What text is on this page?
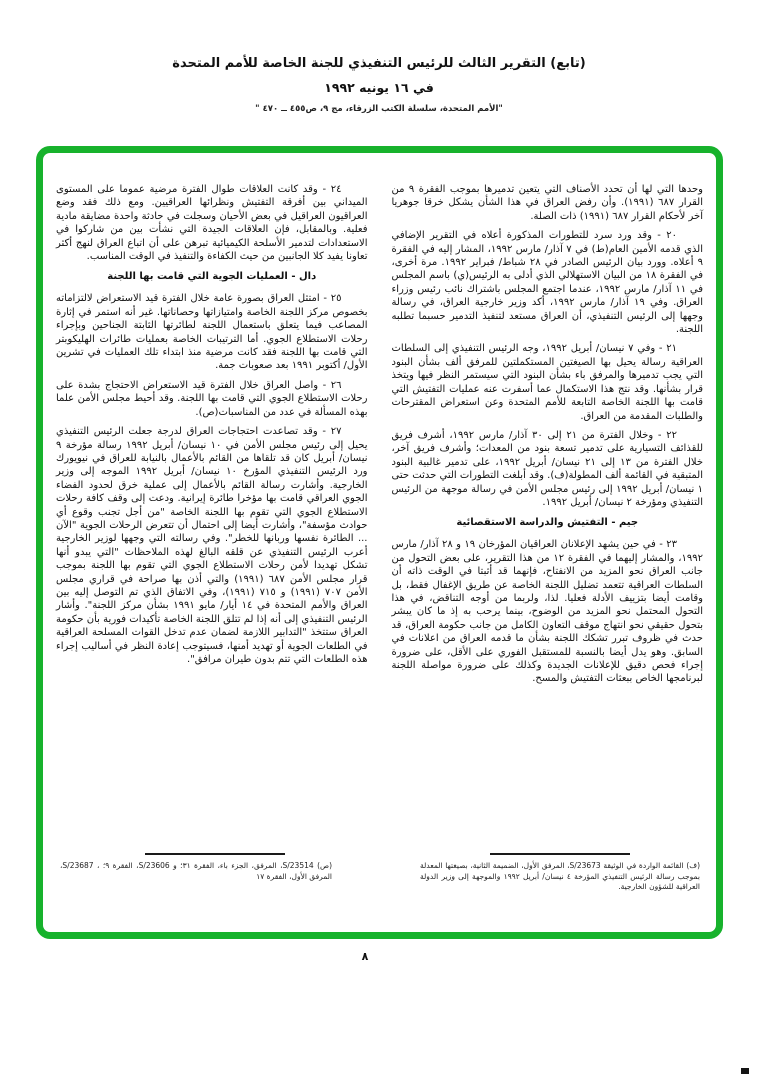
(تابع) التقرير الثالث للرئيس التنفيذي للجنة الخاصة للأمم المتحدة
في ١٦ يونيه ١٩٩٢
"الأمم المتحدة، سلسلة الكتب الزرقاء، مج ٩، ص٤٥٥ ــ ٤٧٠ "

وحدها التي لها أن تحدد الأصناف التي يتعين تدميرها بموجب الفقرة ٩ من القرار ٦٨٧ (١٩٩١). وأن رفض العراق في هذا الشأن يشكل خرقا جوهريا آخر لأحكام القرار ٦٨٧ (١٩٩١) ذات الصلة.

٢٠ - وقد ورد سرد للتطورات المذكورة أعلاه في التقرير الإضافي الذي قدمه الأمين العام(ط) في ٧ آذار/ مارس ١٩٩٢، المشار إليه في الفقرة ٩ أعلاه. وورد بيان الرئيس الصادر في ٢٨ شباط/ فبراير ١٩٩٢. مرة أخرى، في الفقرة ١٨ من البيان الاستهلالي الذي أدلى به الرئيس(ي) باسم المجلس في ١١ آذار/ مارس ١٩٩٢، عندما اجتمع المجلس باشتراك نائب رئيس وزراء العراق. وفي ١٩ آذار/ مارس ١٩٩٢، أكد وزير خارجية العراق، في رسالة وجهها إلى الرئيس التنفيذي، أن العراق مستعد لتنفيذ التدمير حسبما تطلبه اللجنة.

٢١ - وفي ٧ نيسان/ أبريل ١٩٩٢، وجه الرئيس التنفيذي إلى السلطات العراقية رسالة يحيل بها الصيغتين المستكملتين للمرفق ألف بشأن البنود التي يجب تدميرها والمرفق باء بشأن البنود التي سيستمر النظر فيها ويتخذ قرار بشأنها. وقد نتج هذا الاستكمال عما أسفرت عنه عمليات التفتيش التي قامت بها اللجنة الخاصة التابعة للأمم المتحدة وعن استعراض المقترحات والطلبات المقدمة من العراق.

٢٢ - وخلال الفترة من ٢١ إلى ٣٠ آذار/ مارس ١٩٩٢، أشرف فريق للقذائف التسيارية على تدمير تسعة بنود من المعدات؛ وأشرف فريق آخر، خلال الفترة من ١٣ إلى ٢١ نيسان/ أبريل ١٩٩٢، على تدمير غالبية البنود المتبقية في القائمة ألف المطولة(ف). وقد أبلغت التطورات التي حدثت حتى ١ نيسان/ أبريل ١٩٩٢ إلى رئيس مجلس الأمن في رسالة موجهة من الرئيس التنفيذي ومؤرخة ٢ نيسان/ أبريل ١٩٩٢.

جيم - التفتيش والدراسة الاستقصائية

٢٣ - في حين يشهد الإعلانان العراقيان المؤرخان ١٩ و ٢٨ آذار/ مارس ١٩٩٢، والمشار إليهما في الفقرة ١٢ من هذا التقرير، على بعض التحول من جانب العراق نحو المزيد من الانفتاح، فإنهما قد أثبتا في الوقت ذاته أن السلطات العراقية تتعمد تضليل اللجنة الخاصة عن طريق الإغفال فقط، بل وقامت أيضا بتزييف الأدلة فعليا. لذا، ولربما من أوجه التناقض، في هذا التحول المحتمل نحو المزيد من الوضوح، بينما يرحب به إذ ما كان يبشر بتحول حقيقي نحو انتهاج موقف التعاون الكامل من جانب حكومة العراق، قد حدث في ظروف تبرر تشكك اللجنة بشأن ما قدمه العراق من اعلانات في السابق. وهو يدل أيضا بالنسبة للمستقبل الفوري على الأقل، على ضرورة إجراء فحص دقيق للإعلانات الجديدة وكذلك على ضرورة مواصلة اللجنة لبرنامجها الخاص ببعثات التفتيش والمسح.

٢٤ - وقد كانت العلاقات طوال الفترة مرضية عموما على المستوى الميداني بين أفرقة التفتيش ونظرائها العراقيين. ومع ذلك فقد وضع العراقيون العراقيل في بعض الأحيان وسجلت في حادثة واحدة مضايقة مادية فعلية. وبالمقابل، فإن العلاقات الجيدة التي نشأت بين من شاركوا في الاستعدادات لتدمير الأسلحة الكيميائية تبرهن على أن اتباع العراق لنهج أكثر تعاونا يفيد كلا الجانبين من حيث الكفاءة والتنفيذ في الوقت المناسب.

دال - العمليات الجوية التي قامت بها اللجنة

٢٥ - امتثل العراق بصورة عامة خلال الفترة قيد الاستعراض لالتزاماته بخصوص مركز اللجنة الخاصة وامتيازاتها وحصاناتها. غير أنه استمر في إثارة المصاعب فيما يتعلق باستعمال اللجنة لطائرتها الثابتة الجناحين وبإجراء رحلات الاستطلاع الجوي. أما الترتيبات الخاصة بعمليات طائرات الهليكوبتر التي قامت بها اللجنة فقد كانت مرضية منذ ابتداء تلك العمليات في تشرين الأول/ أكتوبر ١٩٩١ بعد صعوبات جمة.

٢٦ - واصل العراق خلال الفترة قيد الاستعراض الاحتجاج بشدة على رحلات الاستطلاع الجوي التي قامت بها اللجنة. وقد أحيط مجلس الأمن علما بهذه المسألة في عدد من المناسبات(ص).

٢٧ - وقد تصاعدت احتجاجات العراق لدرجة جعلت الرئيس التنفيذي يحيل إلى رئيس مجلس الأمن في ١٠ نيسان/ أبريل ١٩٩٢ رسالة مؤرخة ٩ نيسان/ أبريل كان قد تلقاها من القائم بالأعمال بالنيابة للعراق في نيويورك ورد الرئيس التنفيذي المؤرخ ١٠ نيسان/ أبريل ١٩٩٢ الموجه إلى وزير الخارجية. وأشارت رسالة القائم بالأعمال إلى عملية خرق لحدود الفضاء الجوي العراقي قامت بها مؤخرا طائرة إيرانية. ودعت إلى وقف كافة رحلات الاستطلاع الجوي التي تقوم بها اللجنة الخاصة "من أجل تجنب وقوع أي حوادث مؤسفة"، وأشارت أيضا إلى احتمال أن تتعرض الرحلات الجوية "الآن ... الطائرة نفسها وربانها للخطر". وفي رسالته التي وجهها لوزير الخارجية أعرب الرئيس التنفيذي عن قلقه البالغ لهذه الملاحظات "التي يبدو أنها تشكل تهديدا لأمن رحلات الاستطلاع الجوي التي تقوم بها اللجنة بموجب قرار مجلس الأمن ٦٨٧ (١٩٩١) والتي أذن بها صراحة في قراري مجلس الأمن ٧٠٧ (١٩٩١) و ٧١٥ (١٩٩١)، وفي الاتفاق الذي تم التوصل إليه بين العراق والأمم المتحدة في ١٤ أيار/ مايو ١٩٩١ بشأن مركز اللجنة". وأشار الرئيس التنفيذي إلى أنه إذا لم تتلق اللجنة الخاصة تأكيدات فورية بأن حكومة العراق ستتخذ "التدابير اللازمة لضمان عدم تدخل القوات المسلحة العراقية في الطلعات الجوية أو تهديد أمنها، فسيتوجب إعادة النظر في أساليب إجراء هذه الطلعات التي تتم بدون طيران مرافق".

(ص) S/23514، المرفق، الجزء باء، الفقرة ٣١؛ و S/23606، الفقرة ٩؛ ، S/23687، المرفق الأول، الفقرة ١٧
(ف) القائمة الواردة في الوثيقة S/23673، المرفق الأول، الضميمة الثانية، بصيغتها المعدلة بموجب رسالة الرئيس التنفيذي المؤرخة ٤ نيسان/ أبريل ١٩٩٢ والموجهة إلى وزير الدولة العراقية للشؤون الخارجية.
٨
